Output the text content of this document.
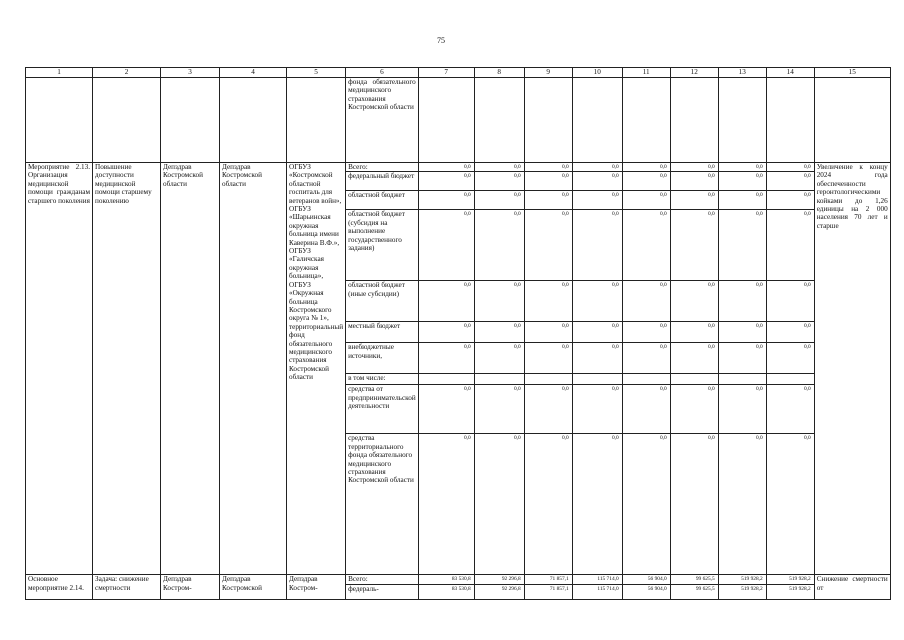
75
1	2	3	4	5	6	7	8	9	10	11	12	13	14	15
					фонда обязательного медицинского страхования Костромской области									
Мероприятие 2.13. Организация медицинской помощи гражданам старшего поколения	Повышение доступности медицинской помощи старшему поколению	Депздрав Костромской области	Депздрав Костромской области	ОГБУЗ «Костромской областной госпиталь для ветеранов войн», ОГБУЗ «Шарьинская окружная больница имени Каверина В.Ф.», ОГБУЗ «Галичская окружная больница», ОГБУЗ «Окружная больница Костромского округа № 1», территориальный фонд обязательного медицинского страхования Костромской области	Всего:	0,0	0,0	0,0	0,0	0,0	0,0	0,0	0,0	Увеличение к концу 2024 года обеспеченности геронтологическими койками до 1,26 единицы на 2 000 населения 70 лет и старше
					федеральный бюджет	0,0	0,0	0,0	0,0	0,0	0,0	0,0	0,0	
					областной бюджет	0,0	0,0	0,0	0,0	0,0	0,0	0,0	0,0	
					областной бюджет (субсидия на выполнение государственного задания)	0,0	0,0	0,0	0,0	0,0	0,0	0,0	0,0	
					областной бюджет (иные субсидии)	0,0	0,0	0,0	0,0	0,0	0,0	0,0	0,0	
					местный бюджет	0,0	0,0	0,0	0,0	0,0	0,0	0,0	0,0	
					внебюджетные источники,	0,0	0,0	0,0	0,0	0,0	0,0	0,0	0,0	
					в том числе:									
					средства от предпринимательской деятельности	0,0	0,0	0,0	0,0	0,0	0,0	0,0	0,0	
					средства территориального фонда обязательного медицинского страхования Костромской области	0,0	0,0	0,0	0,0	0,0	0,0	0,0	0,0	
Основное мероприятие 2.14.	Задача: снижение смертности	Депздрав Костром-	Депздрав Костромской	Депздрав Костром-	Всего:	83 530,8	92 296,8	71 857,1	115 714,0	56 904,0	99 625,5	519 928,2	519 928,2	Снижение смертности от
					федераль-	83 530,8	92 296,8	71 857,1	115 714,0	56 904,0	99 625,5	519 928,2	519 928,2	
